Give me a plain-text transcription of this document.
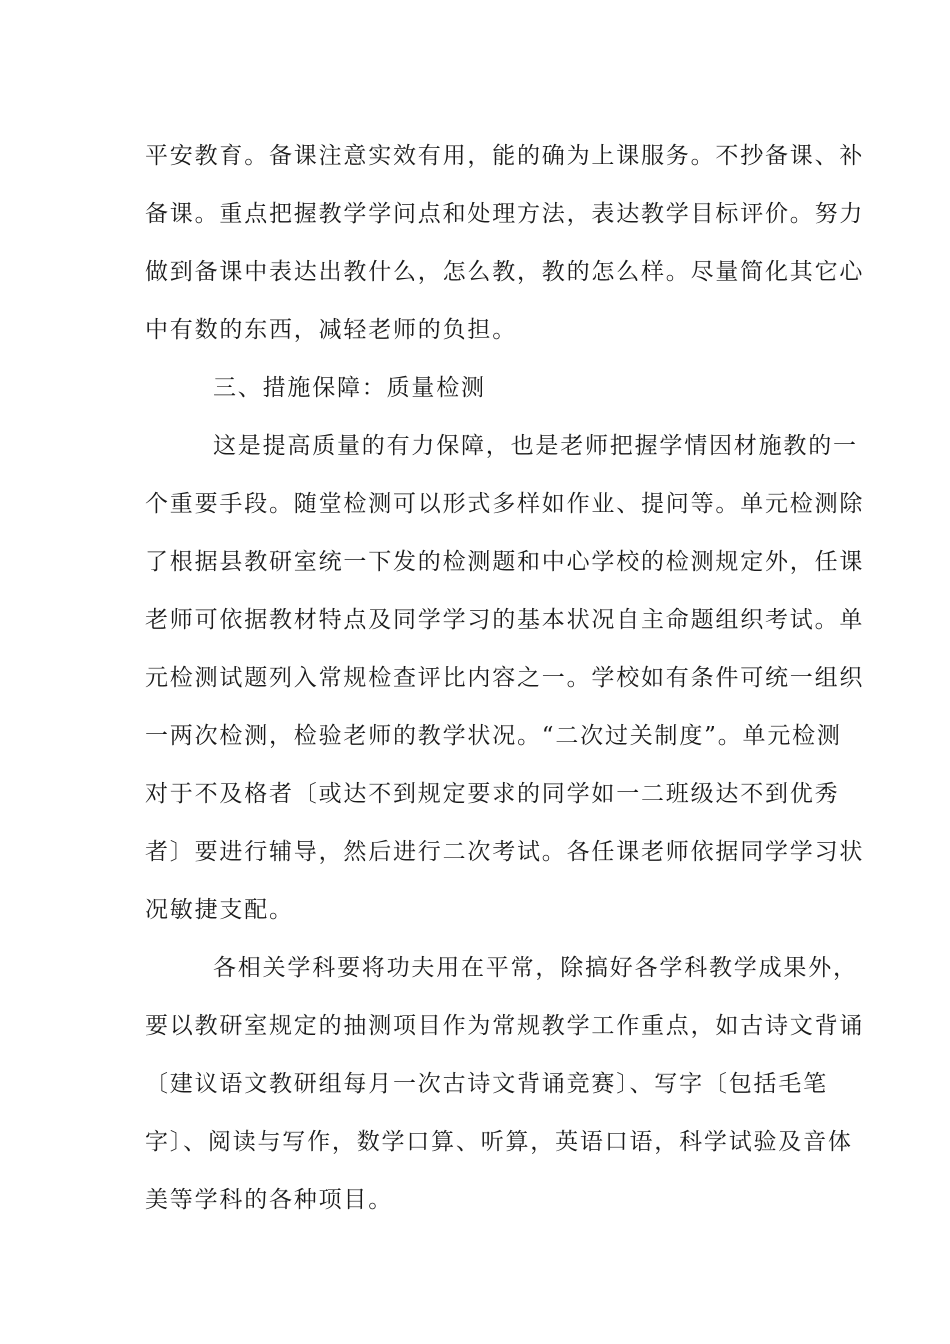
平安教育。备课注意实效有用，能的确为上课服务。不抄备课、补
备课。重点把握教学学问点和处理方法，表达教学目标评价。努力
做到备课中表达出教什么，怎么教，教的怎么样。尽量简化其它心
中有数的东西，减轻老师的负担。
三、措施保障：质量检测
这是提高质量的有力保障，也是老师把握学情因材施教的一
个重要手段。随堂检测可以形式多样如作业、提问等。单元检测除
了根据县教研室统一下发的检测题和中心学校的检测规定外，任课
老师可依据教材特点及同学学习的基本状况自主命题组织考试。单
元检测试题列入常规检查评比内容之一。学校如有条件可统一组织
一两次检测，检验老师的教学状况。“二次过关制度”。单元检测
对于不及格者〔或达不到规定要求的同学如一二班级达不到优秀
者〕要进行辅导，然后进行二次考试。各任课老师依据同学学习状
况敏捷支配。
各相关学科要将功夫用在平常，除搞好各学科教学成果外，
要以教研室规定的抽测项目作为常规教学工作重点，如古诗文背诵
〔建议语文教研组每月一次古诗文背诵竞赛〕、写字〔包括毛笔
字〕、阅读与写作，数学口算、听算，英语口语，科学试验及音体
美等学科的各种项目。
